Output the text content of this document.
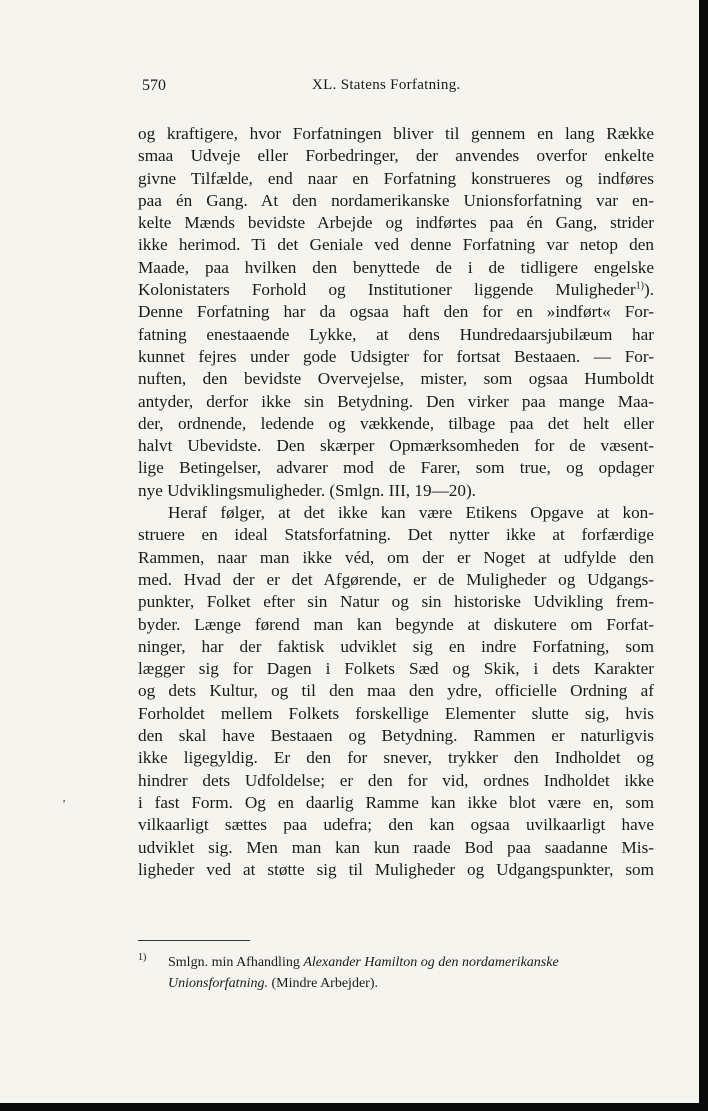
570	XL. Statens Forfatning.
og kraftigere, hvor Forfatningen bliver til gennem en lang Række
smaa Udveje eller Forbedringer, der anvendes overfor enkelte
givne Tilfælde, end naar en Forfatning konstrueres og indføres
paa én Gang. At den nordamerikanske Unionsforfatning var en-
kelte Mænds bevidste Arbejde og indførtes paa én Gang, strider
ikke herimod. Ti det Geniale ved denne Forfatning var netop den
Maade, paa hvilken den benyttede de i de tidligere engelske
Kolonistaters Forhold og Institutioner liggende Muligheder$^{1)}$).
Denne Forfatning har da ogsaa haft den for en »indført« For-
fatning enestaaende Lykke, at dens Hundredaarsjubilæum har
kunnet fejres under gode Udsigter for fortsat Bestaaen. — For-
nuften, den bevidste Overvejelse, mister, som ogsaa Humboldt
antyder, derfor ikke sin Betydning. Den virker paa mange Maa-
der, ordnende, ledende og vækkende, tilbage paa det helt eller
halvt Ubevidste. Den skærper Opmærksomheden for de væsent-
lige Betingelser, advarer mod de Farer, som true, og opdager
nye Udviklingsmuligheder. (Smlgn. III, 19—20).
Heraf følger, at det ikke kan være Etikens Opgave at kon-
struere en ideal Statsforfatning. Det nytter ikke at forfærdige
Rammen, naar man ikke véd, om der er Noget at udfylde den
med. Hvad der er det Afgørende, er de Muligheder og Udgangs-
punkter, Folket efter sin Natur og sin historiske Udvikling frem-
byder. Længe førend man kan begynde at diskutere om Forfat-
ninger, har der faktisk udviklet sig en indre Forfatning, som
lægger sig for Dagen i Folkets Sæd og Skik, i dets Karakter
og dets Kultur, og til den maa den ydre, officielle Ordning af
Forholdet mellem Folkets forskellige Elementer slutte sig, hvis
den skal have Bestaaen og Betydning. Rammen er naturligvis
ikke ligegyldig. Er den for snever, trykker den Indholdet og
hindrer dets Udfoldelse; er den for vid, ordnes Indholdet ikke
i fast Form. Og en daarlig Ramme kan ikke blot være en, som
vilkaarligt sættes paa udefra; den kan ogsaa uvilkaarligt have
udviklet sig. Men man kan kun raade Bod paa saadanne Mis-
ligheder ved at støtte sig til Muligheder og Udgangspunkter, som
‚
$^{1)}$ Smlgn. min Afhandling Alexander Hamilton og den nordamerikanske
Unionsforfatning. (Mindre Arbejder).
